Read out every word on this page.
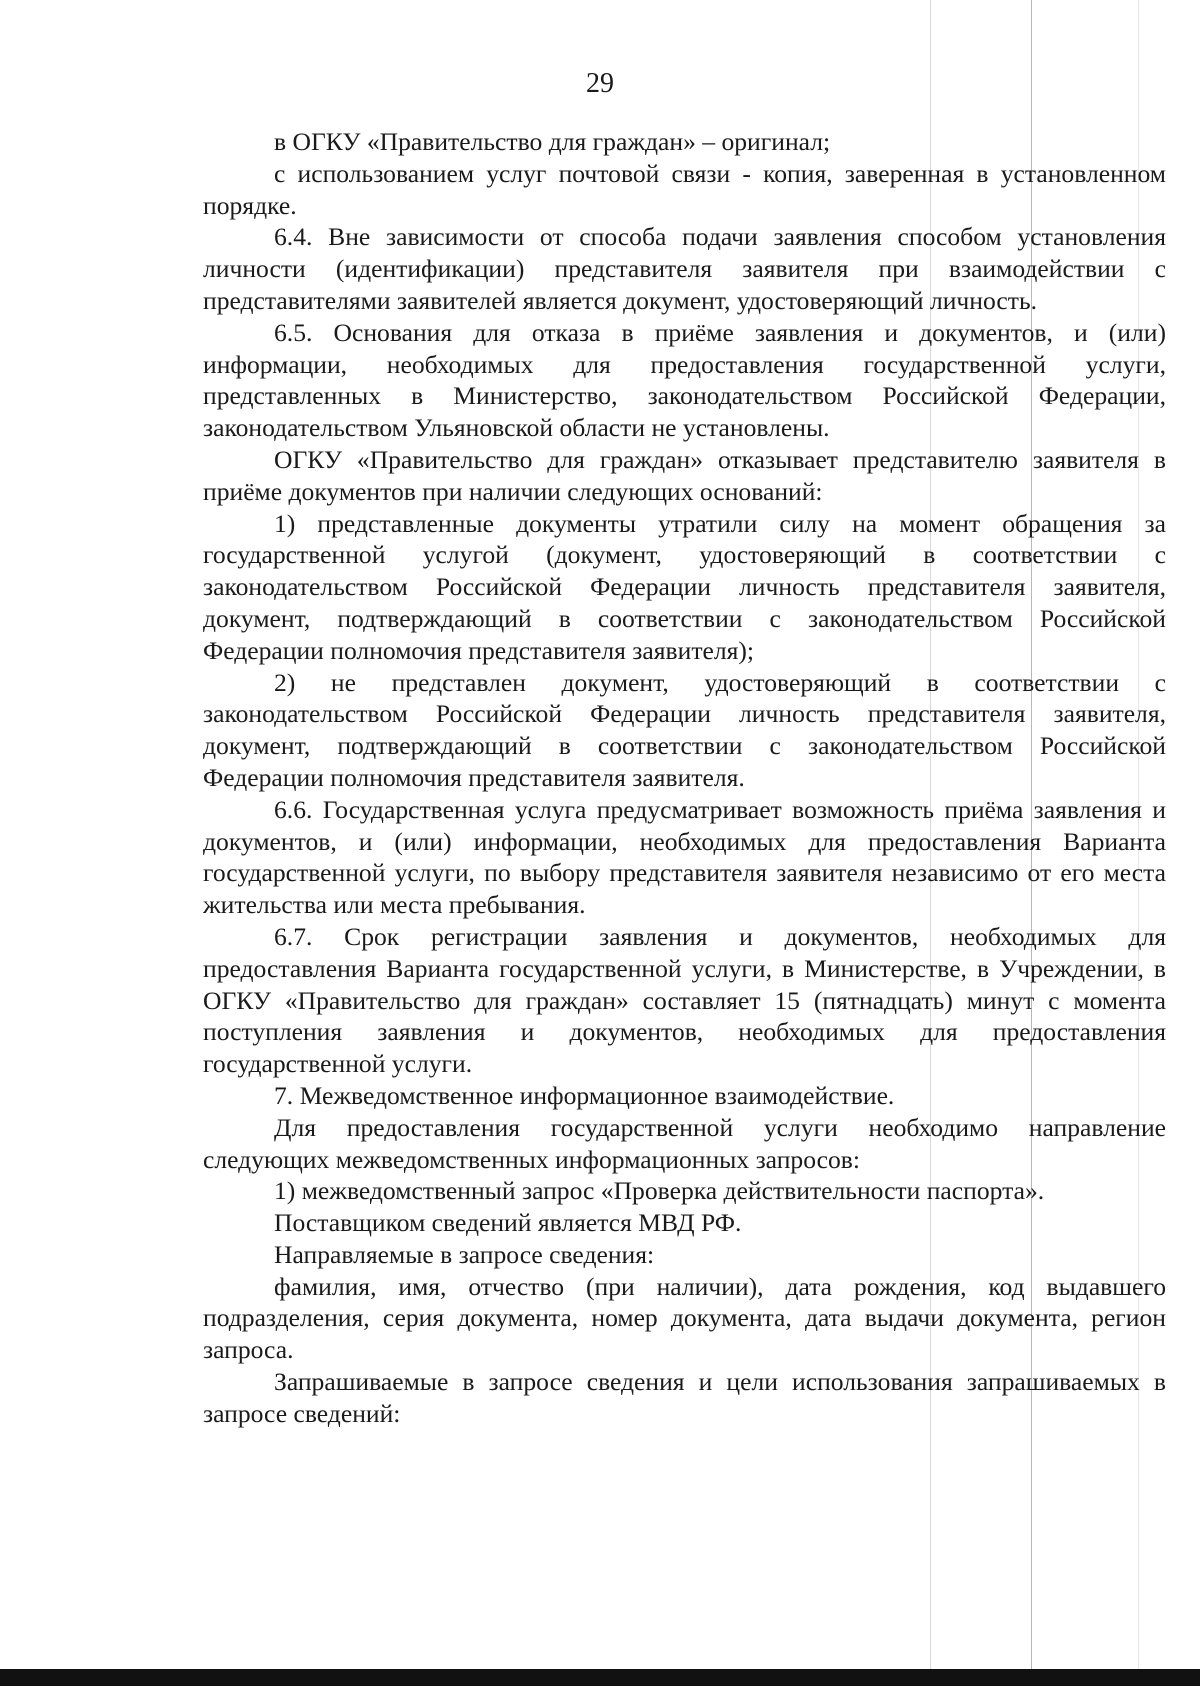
29

в ОГКУ «Правительство для граждан» – оригинал;

с использованием услуг почтовой связи - копия, заверенная в установленном порядке.

6.4. Вне зависимости от способа подачи заявления способом установления личности (идентификации) представителя заявителя при взаимодействии с представителями заявителей является документ, удостоверяющий личность.

6.5. Основания для отказа в приёме заявления и документов, и (или) информации, необходимых для предоставления государственной услуги, представленных в Министерство, законодательством Российской Федерации, законодательством Ульяновской области не установлены.

ОГКУ «Правительство для граждан» отказывает представителю заявителя в приёме документов при наличии следующих оснований:

1) представленные документы утратили силу на момент обращения за государственной услугой (документ, удостоверяющий в соответствии с законодательством Российской Федерации личность представителя заявителя, документ, подтверждающий в соответствии с законодательством Российской Федерации полномочия представителя заявителя);

2) не представлен документ, удостоверяющий в соответствии с законодательством Российской Федерации личность представителя заявителя, документ, подтверждающий в соответствии с законодательством Российской Федерации полномочия представителя заявителя.

6.6. Государственная услуга предусматривает возможность приёма заявления и документов, и (или) информации, необходимых для предоставления Варианта государственной услуги, по выбору представителя заявителя независимо от его места жительства или места пребывания.

6.7. Срок регистрации заявления и документов, необходимых для предоставления Варианта государственной услуги, в Министерстве, в Учреждении, в ОГКУ «Правительство для граждан» составляет 15 (пятнадцать) минут с момента поступления заявления и документов, необходимых для предоставления государственной услуги.

7. Межведомственное информационное взаимодействие.

Для предоставления государственной услуги необходимо направление следующих межведомственных информационных запросов:

1) межведомственный запрос «Проверка действительности паспорта».

Поставщиком сведений является МВД РФ.

Направляемые в запросе сведения:

фамилия, имя, отчество (при наличии), дата рождения, код выдавшего подразделения, серия документа, номер документа, дата выдачи документа, регион запроса.

Запрашиваемые в запросе сведения и цели использования запрашиваемых в запросе сведений:
